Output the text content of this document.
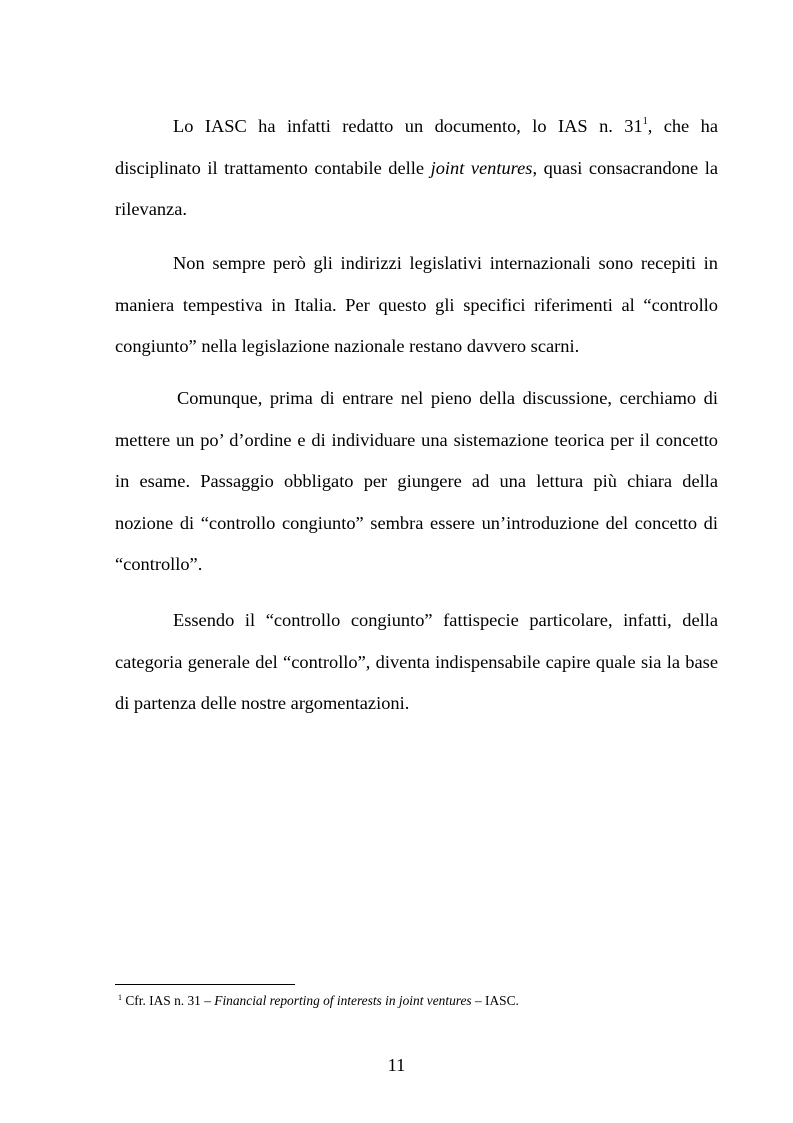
Lo IASC ha infatti redatto un documento, lo IAS n. $31^1$, che ha disciplinato il trattamento contabile delle joint ventures, quasi consacrandone la rilevanza.

Non sempre però gli indirizzi legislativi internazionali sono recepiti in maniera tempestiva in Italia. Per questo gli specifici riferimenti al “controllo congiunto” nella legislazione nazionale restano davvero scarni.

Comunque, prima di entrare nel pieno della discussione, cerchiamo di mettere un po’ d’ordine e di individuare una sistemazione teorica per il concetto in esame. Passaggio obbligato per giungere ad una lettura più chiara della nozione di “controllo congiunto” sembra essere un’introduzione del concetto di “controllo”.

Essendo il “controllo congiunto” fattispecie particolare, infatti, della categoria generale del “controllo”, diventa indispensabile capire quale sia la base di partenza delle nostre argomentazioni.

$^1$ Cfr. IAS n. 31 – Financial reporting of interests in joint ventures – IASC.

11
